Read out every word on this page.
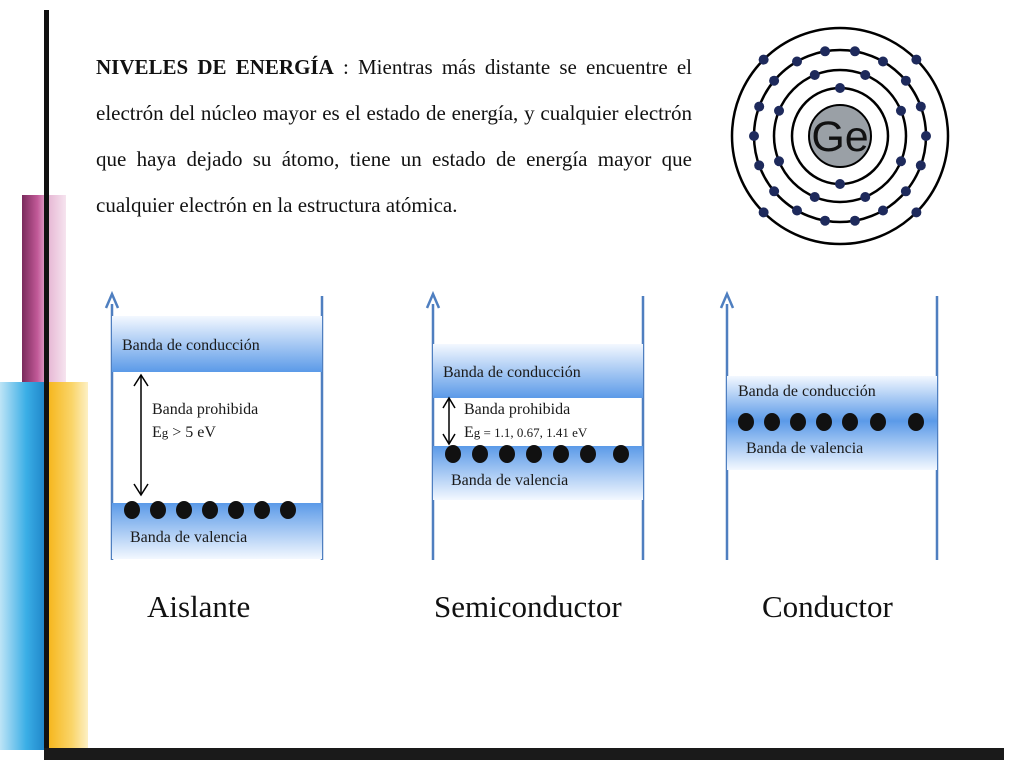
NIVELES DE ENERGÍA : Mientras más distante se encuentre el electrón del núcleo mayor es el estado de energía, y cualquier electrón que haya dejado su átomo, tiene un estado de energía mayor que cualquier electrón en la estructura atómica.
Ge
Banda de conducción
Banda prohibida
Eg > 5 eV
Banda de valencia
Aislante
Banda de conducción
Banda prohibida
Eg = 1.1, 0.67, 1.41 eV
Banda de valencia
Semiconductor
Banda de conducción
Banda de valencia
Conductor
